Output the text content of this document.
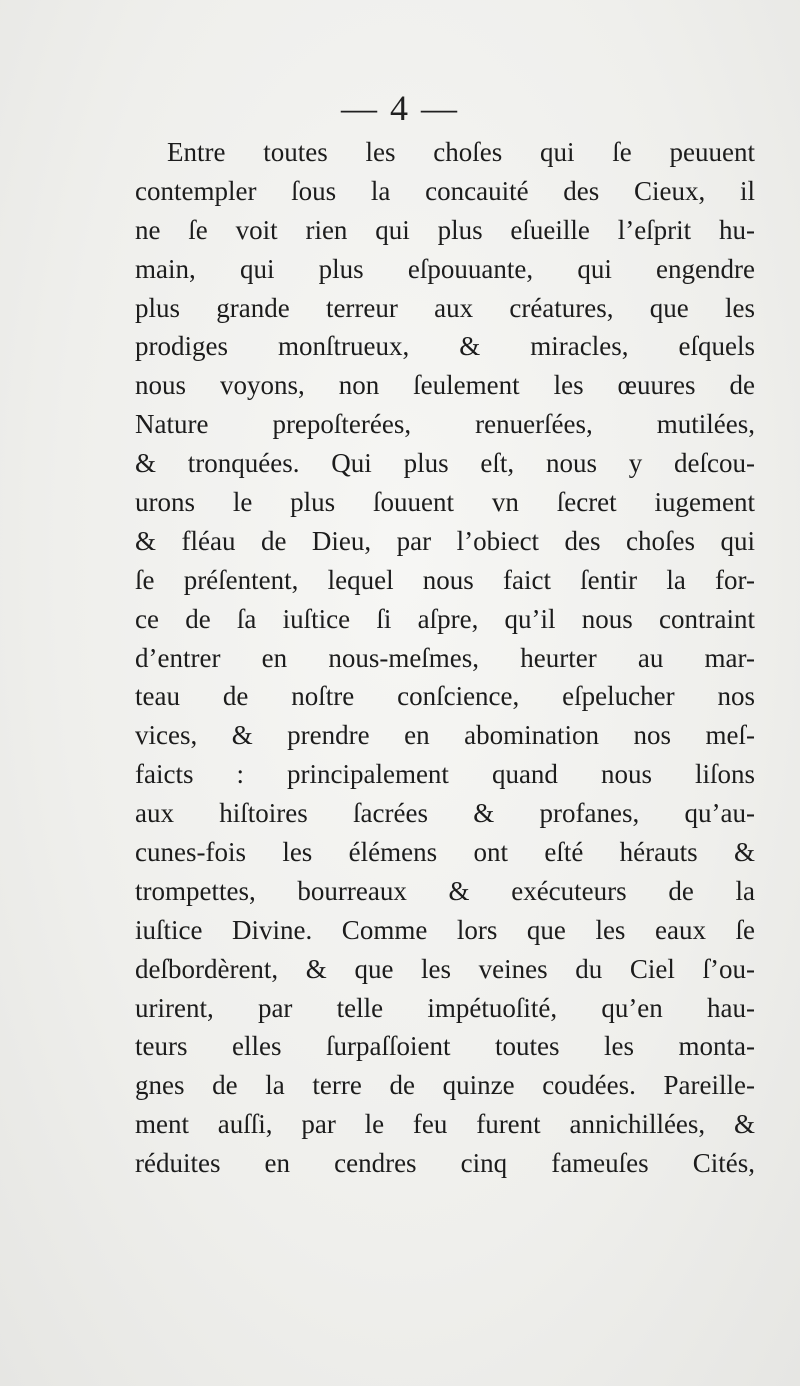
— 4 —
Entre toutes les choſes qui ſe peuuent
contempler ſous la concauité des Cieux, il
ne ſe voit rien qui plus eſueille l’eſprit hu-
main, qui plus eſpouuante, qui engendre
plus grande terreur aux créatures, que les
prodiges monſtrueux, & miracles, eſquels
nous voyons, non ſeulement les œuures de
Nature prepoſterées, renuerſées, mutilées,
& tronquées. Qui plus eſt, nous y deſcou-
urons le plus ſouuent vn ſecret iugement
& fléau de Dieu, par l’obiect des choſes qui
ſe préſentent, lequel nous faict ſentir la for-
ce de ſa iuſtice ſi aſpre, qu’il nous contraint
d’entrer en nous-meſmes, heurter au mar-
teau de noſtre conſcience, eſpelucher nos
vices, & prendre en abomination nos meſ-
faicts : principalement quand nous liſons
aux hiſtoires ſacrées & profanes, qu’au-
cunes-fois les élémens ont eſté hérauts &
trompettes, bourreaux & exécuteurs de la
iuſtice Divine. Comme lors que les eaux ſe
deſbordèrent, & que les veines du Ciel ſ’ou-
urirent, par telle impétuoſité, qu’en hau-
teurs elles ſurpaſſoient toutes les monta-
gnes de la terre de quinze coudées. Pareille-
ment auſſi, par le feu furent annichillées, &
réduites en cendres cinq fameuſes Cités,
